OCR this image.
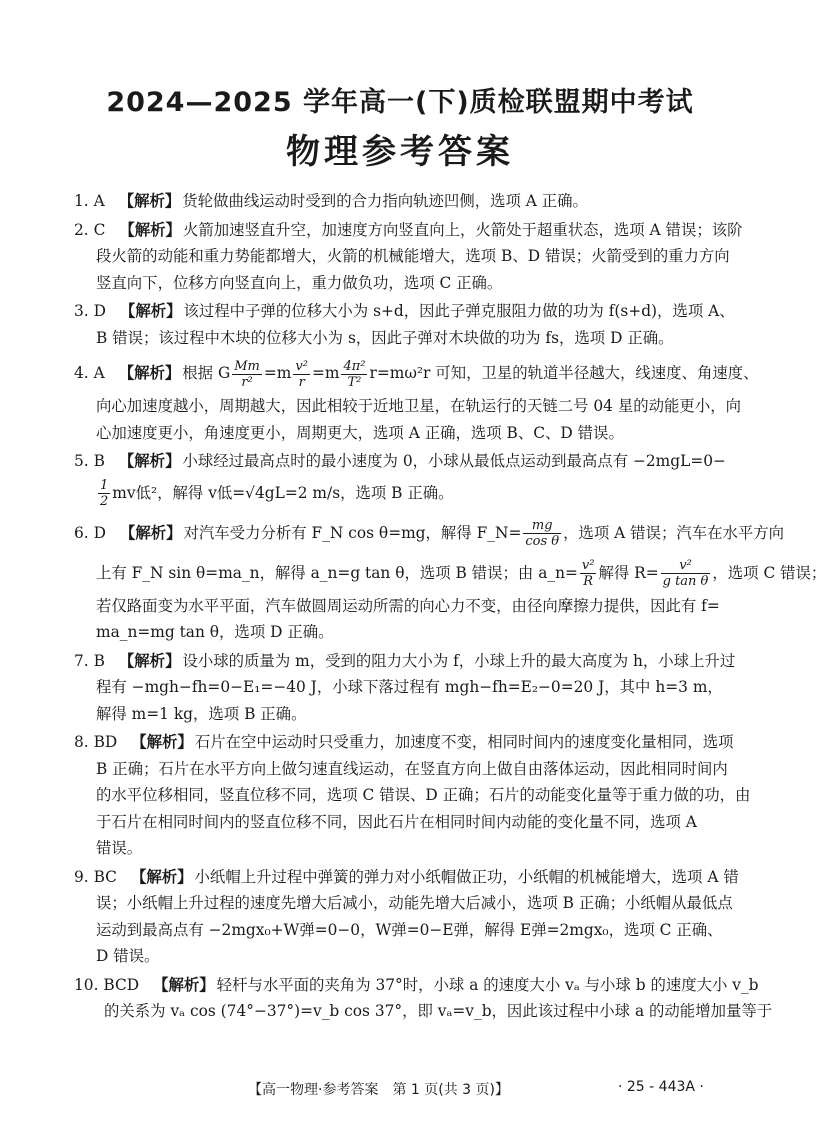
2024—2025 学年高一(下)质检联盟期中考试
物理参考答案
1. A 【解析】 货轮做曲线运动时受到的合力指向轨迹凹侧，选项 A 正确。
2. C 【解析】 火箭加速竖直升空，加速度方向竖直向上，火箭处于超重状态，选项 A 错误；该阶
段火箭的动能和重力势能都增大，火箭的机械能增大，选项 B、D 错误；火箭受到的重力方向
竖直向下，位移方向竖直向上，重力做负功，选项 C 正确。
3. D 【解析】 该过程中子弹的位移大小为 s+d，因此子弹克服阻力做的功为 f(s+d)，选项 A、
B 错误；该过程中木块的位移大小为 s，因此子弹对木块做的功为 fs，选项 D 正确。
4. A 【解析】 根据 G $\frac{Mm}{\text{r²}} =m \frac{\text{v²}}{r} =m \frac{\text{4π²}}{\text{T²}} r=m\omega^2r$ 可知，卫星的轨道半径越大，线速度、角速度、
向心加速度越小，周期越大，因此相较于近地卫星，在轨运行的天链二号 04 星的动能更小，向
心加速度更小，角速度更小，周期更大，选项 A 正确，选项 B、C、D 错误。
5. B 【解析】 小球经过最高点时的最小速度为 0，小球从最低点运动到最高点有 −2mgL=0−
$\frac{1}{2}$ mv低²，解得 v低=√4gL=2 m/s，选项 B 正确。
6. D 【解析】 对汽车受力分析有 F_N cos θ=mg，解得 F_N= $\frac{mg}{\text{cos θ}}$ ，选项 A 错误；汽车在水平方向
上有 F_N sin θ=ma_n，解得 a_n=g tan θ，选项 B 错误；由 a_n= $\frac{\text{v²}}{R}$ 解得 $R= \frac{\text{v²}}{\text{g tan θ}}$ ，选项 C 错误；
若仅路面变为水平平面，汽车做圆周运动所需的向心力不变，由径向摩擦力提供，因此有 f=
ma_n=mg tan θ，选项 D 正确。
7. B 【解析】 设小球的质量为 m，受到的阻力大小为 f，小球上升的最大高度为 h，小球上升过
程有 −mgh−fh=0−E₁=−40 J，小球下落过程有 mgh−fh=E₂−0=20 J，其中 h=3 m，
解得 m=1 kg，选项 B 正确。
8. BD 【解析】 石片在空中运动时只受重力，加速度不变，相同时间内的速度变化量相同，选项
B 正确；石片在水平方向上做匀速直线运动，在竖直方向上做自由落体运动，因此相同时间内
的水平位移相同，竖直位移不同，选项 C 错误、D 正确；石片的动能变化量等于重力做的功，由
于石片在相同时间内的竖直位移不同，因此石片在相同时间内动能的变化量不同，选项 A
错误。
9. BC 【解析】 小纸帽上升过程中弹簧的弹力对小纸帽做正功，小纸帽的机械能增大，选项 A 错
误；小纸帽上升过程的速度先增大后减小，动能先增大后减小，选项 B 正确；小纸帽从最低点
运动到最高点有 −2mgx₀+W弹=0−0，W弹=0−E弹，解得 E弹=2mgx₀，选项 C 正确、
D 错误。
10. BCD 【解析】 轻杆与水平面的夹角为 37°时，小球 a 的速度大小 vₐ 与小球 b 的速度大小 v_b
的关系为 vₐ cos (74°−37°)=v_b cos 37°，即 vₐ=v_b，因此该过程中小球 a 的动能增加量等于
【高一物理·参考答案　第 1 页(共 3 页)】	· 25 - 443A ·
